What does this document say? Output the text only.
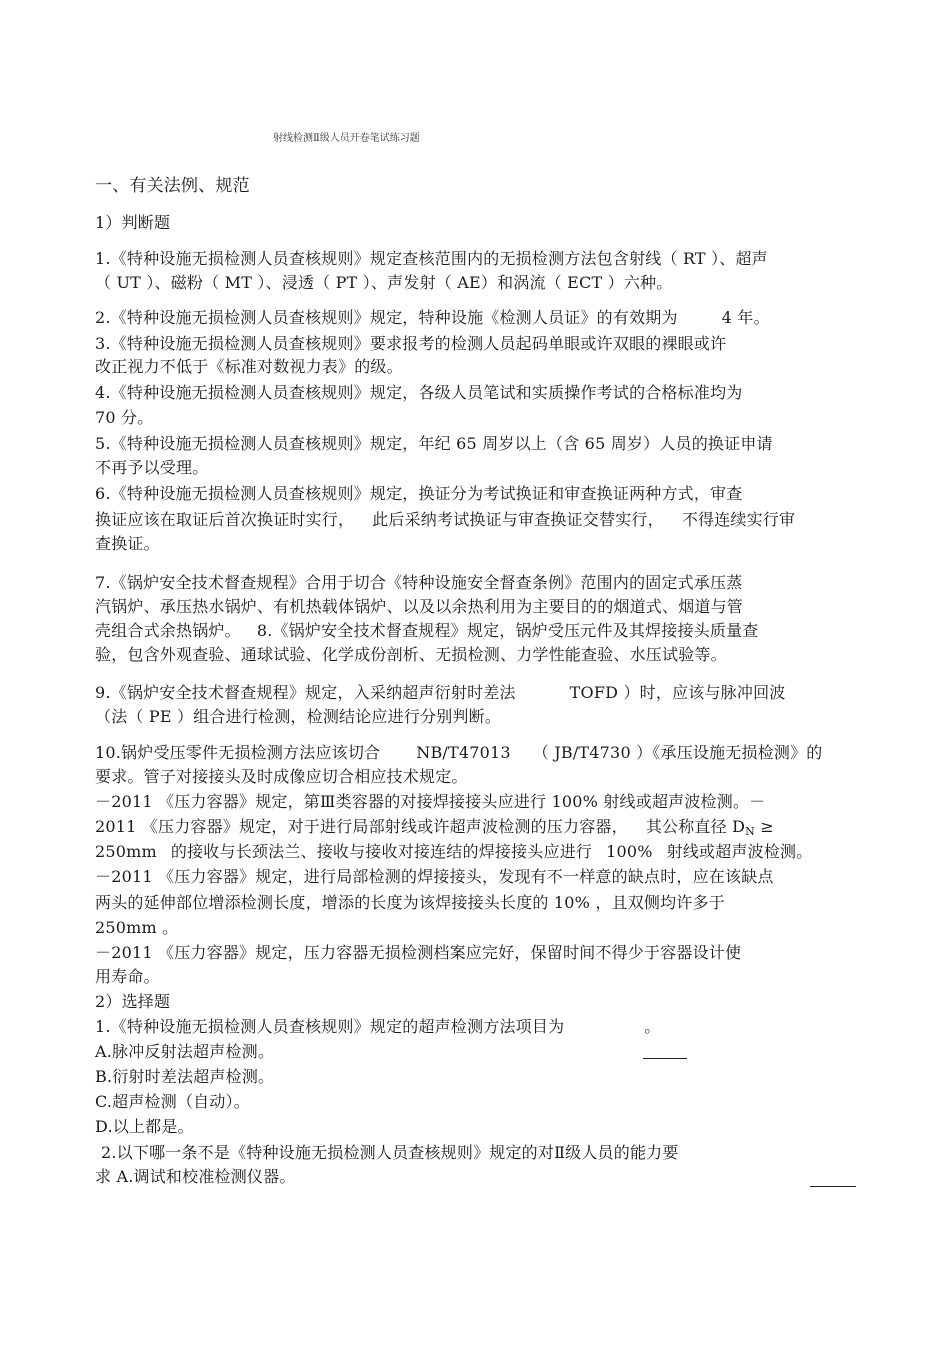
射线检测Ⅱ级人员开卷笔试练习题
一、有关法例、规范
1）判断题
1.《特种设施无损检测人员查核规则》规定查核范围内的无损检测方法包含射线（ RT ）、超声
（ UT ）、磁粉（ MT ）、浸透（ PT ）、声发射（ AE）和涡流（ ECT ）六种。
2.《特种设施无损检测人员查核规则》规定，特种设施《检测人员证》的有效期为	4 年。
3.《特种设施无损检测人员查核规则》要求报考的检测人员起码单眼或许双眼的裸眼或许
改正视力不低于《标准对数视力表》的级。
4.《特种设施无损检测人员查核规则》规定，各级人员笔试和实质操作考试的合格标准均为
70 分。
5.《特种设施无损检测人员查核规则》规定，年纪 65 周岁以上（含 65 周岁）人员的换证申请
不再予以受理。
6.《特种设施无损检测人员查核规则》规定，换证分为考试换证和审查换证两种方式，审查
换证应该在取证后首次换证时实行， 此后采纳考试换证与审查换证交替实行， 不得连续实行审
查换证。
7.《锅炉安全技术督查规程》合用于切合《特种设施安全督查条例》范围内的固定式承压蒸
汽锅炉、承压热水锅炉、有机热载体锅炉、以及以余热利用为主要目的的烟道式、烟道与管
壳组合式余热锅炉。 8.《锅炉安全技术督查规程》规定，锅炉受压元件及其焊接接头质量查
验，包含外观查验、通球试验、化学成份剖析、无损检测、力学性能查验、水压试验等。
9.《锅炉安全技术督查规程》规定，入采纳超声衍射时差法	TOFD ）时，应该与脉冲回波
（法（ PE ）组合进行检测，检测结论应进行分别判断。
10.锅炉受压零件无损检测方法应该切合 NB/T47013 （ JB/T4730 ）《承压设施无损检测》的
要求。管子对接接头及时成像应切合相应技术规定。
－2011 《压力容器》规定，第Ⅲ类容器的对接焊接接头应进行 100% 射线或超声波检测。－
2011 《压力容器》规定，对于进行局部射线或许超声波检测的压力容器， 其公称直径 $D_N$ ≥
250mm 的接收与长颈法兰、接收与接收对接连结的焊接接头应进行 100% 射线或超声波检测。
－2011 《压力容器》规定，进行局部检测的焊接接头，发现有不一样意的缺点时，应在该缺点
两头的延伸部位增添检测长度，增添的长度为该焊接接头长度的 10% ，且双侧均许多于
250mm 。
－2011 《压力容器》规定，压力容器无损检测档案应完好，保留时间不得少于容器设计使
用寿命。
2）选择题
1.《特种设施无损检测人员查核规则》规定的超声检测方法项目为	。
A.脉冲反射法超声检测。
B.衍射时差法超声检测。
C.超声检测（自动）。
D.以上都是。
2.以下哪一条不是《特种设施无损检测人员查核规则》规定的对Ⅱ级人员的能力要
求 A.调试和校准检测仪器。
